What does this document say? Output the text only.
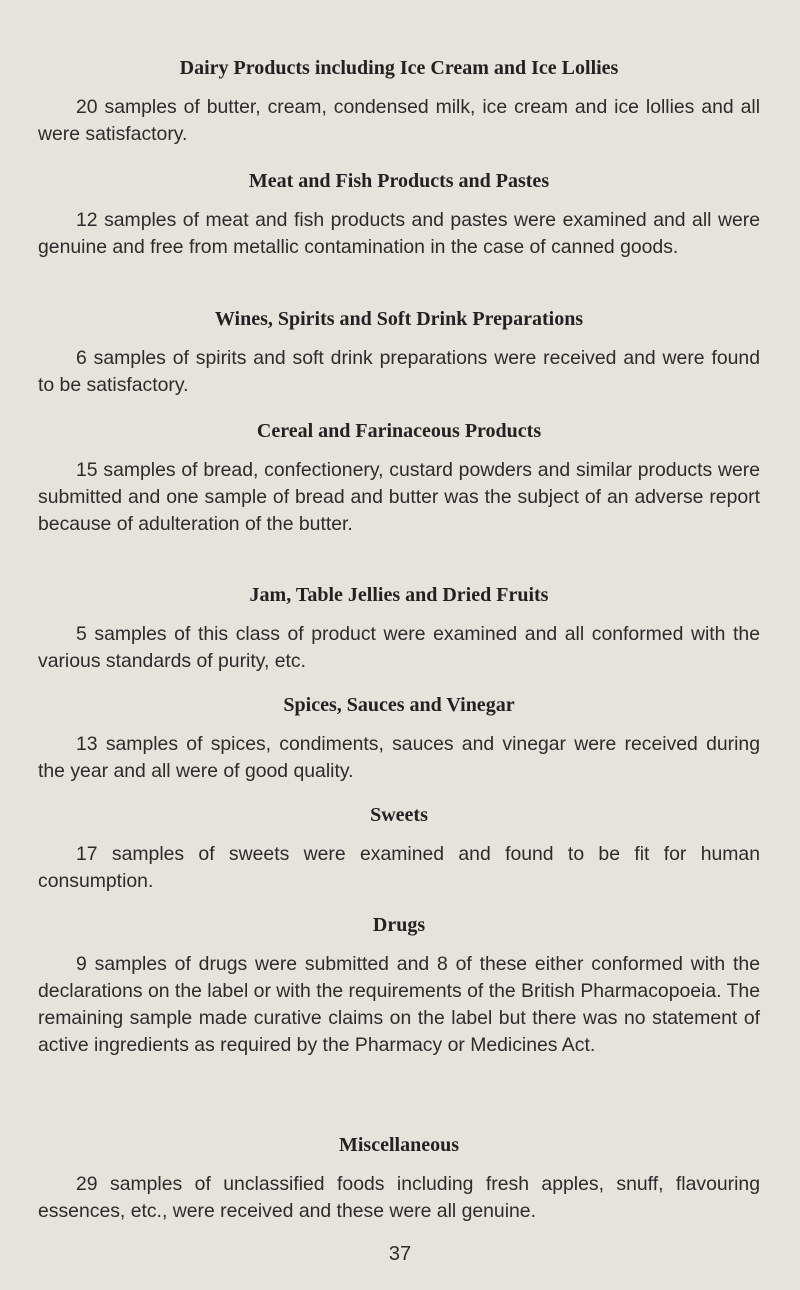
Dairy Products including Ice Cream and Ice Lollies

20 samples of butter, cream, condensed milk, ice cream and ice lollies and all were satisfactory.

Meat and Fish Products and Pastes

12 samples of meat and fish products and pastes were examined and all were genuine and free from metallic contamination in the case of canned goods.

Wines, Spirits and Soft Drink Preparations

6 samples of spirits and soft drink preparations were received and were found to be satisfactory.

Cereal and Farinaceous Products

15 samples of bread, confectionery, custard powders and similar products were submitted and one sample of bread and butter was the subject of an adverse report because of adulteration of the butter.

Jam, Table Jellies and Dried Fruits

5 samples of this class of product were examined and all conformed with the various standards of purity, etc.

Spices, Sauces and Vinegar

13 samples of spices, condiments, sauces and vinegar were received during the year and all were of good quality.

Sweets

17 samples of sweets were examined and found to be fit for human consumption.

Drugs

9 samples of drugs were submitted and 8 of these either conformed with the declarations on the label or with the requirements of the British Pharmacopoeia. The remaining sample made curative claims on the label but there was no statement of active ingredients as required by the Pharmacy or Medicines Act.

Miscellaneous

29 samples of unclassified foods including fresh apples, snuff, flavouring essences, etc., were received and these were all genuine.

37
